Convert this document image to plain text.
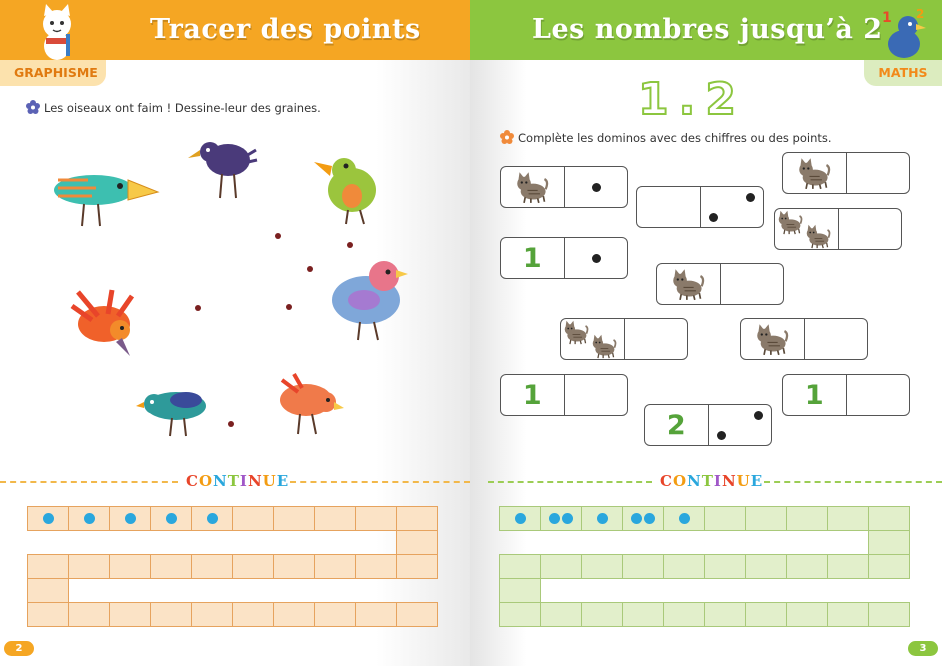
Tracer des points
GRAPHISME
Les oiseaux ont faim ! Dessine-leur des graines.
CONTINUE

2
Les nombres jusqu’à 2
MATHS
1 2
1.2
Complète les dominos avec des chiffres ou des points.
1
1
2
1
CONTINUE

3
